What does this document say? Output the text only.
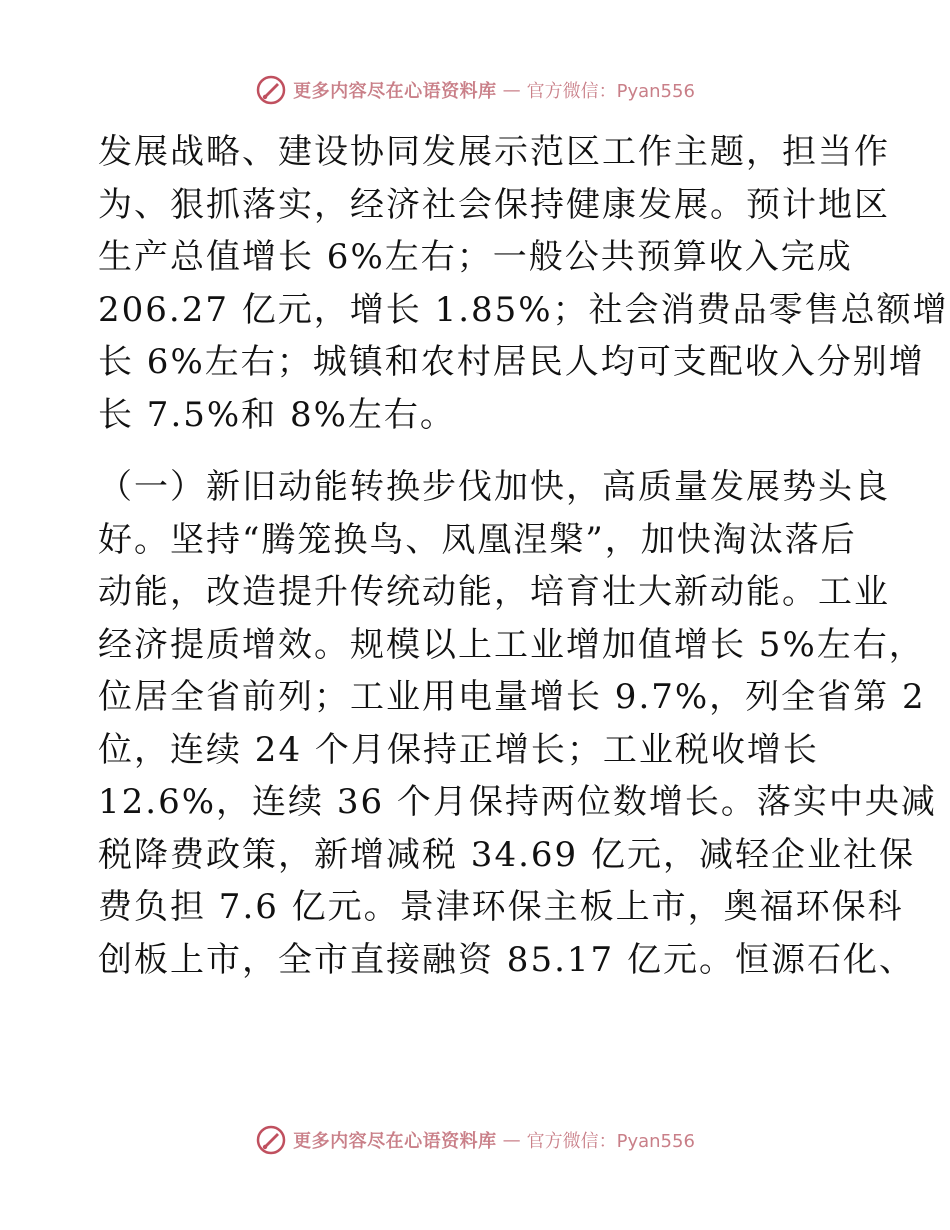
更多内容尽在心语资料库 — 官方微信：Pyan556

发展战略、建设协同发展示范区工作主题，担当作
为、狠抓落实，经济社会保持健康发展。预计地区
生产总值增长 6%左右；一般公共预算收入完成
206.27 亿元，增长 1.85%；社会消费品零售总额增
长 6%左右；城镇和农村居民人均可支配收入分别增
长 7.5%和 8%左右。

（一）新旧动能转换步伐加快，高质量发展势头良
好。坚持“腾笼换鸟、凤凰涅槃”，加快淘汰落后
动能，改造提升传统动能，培育壮大新动能。工业
经济提质增效。规模以上工业增加值增长 5%左右，
位居全省前列；工业用电量增长 9.7%，列全省第 2
位，连续 24 个月保持正增长；工业税收增长
12.6%，连续 36 个月保持两位数增长。落实中央减
税降费政策，新增减税 34.69 亿元，减轻企业社保
费负担 7.6 亿元。景津环保主板上市，奥福环保科
创板上市，全市直接融资 85.17 亿元。恒源石化、

更多内容尽在心语资料库 — 官方微信：Pyan556
